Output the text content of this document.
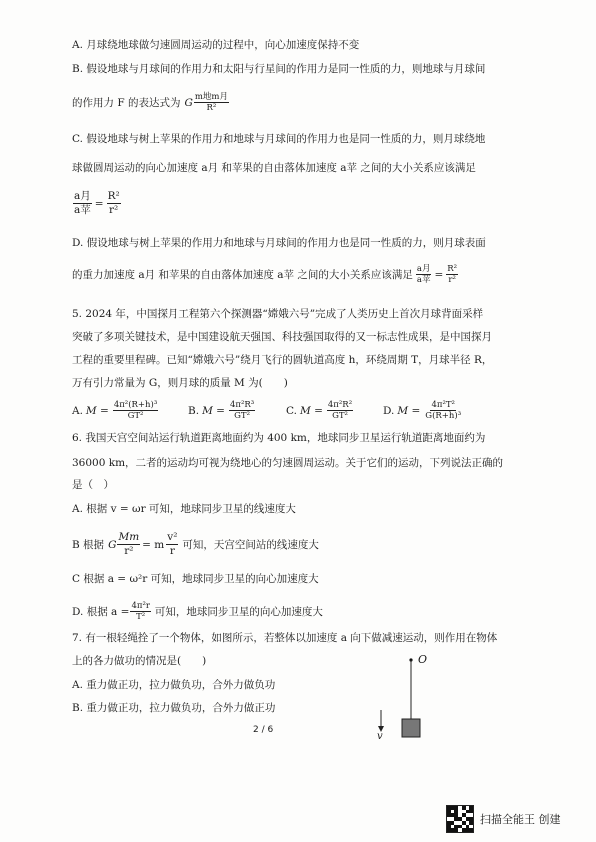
A. 月球绕地球做匀速圆周运动的过程中，向心加速度保持不变
B. 假设地球与月球间的作用力和太阳与行星间的作用力是同一性质的力，则地球与月球间
的作用力 F 的表达式为 G $\frac{\text{m地m月}}{\text{R²}}$
C. 假设地球与树上苹果的作用力和地球与月球间的作用力也是同一性质的力，则月球绕地
球做圆周运动的向心加速度 a月 和苹果的自由落体加速度 a苹 之间的大小关系应该满足
$\frac{\text{a月}}{\text{a苹}} = \frac{\text{R²}}{\text{r²}}$
D. 假设地球与树上苹果的作用力和地球与月球间的作用力也是同一性质的力，则月球表面
的重力加速度 a月 和苹果的自由落体加速度 a苹 之间的大小关系应该满足 $\frac{\text{a月}}{\text{a苹}} = \frac{\text{R²}}{\text{r²}}$
5. 2024 年，中国探月工程第六个探测器“嫦娥六号”完成了人类历史上首次月球背面采样
突破了多项关键技术，是中国建设航天强国、科技强国取得的又一标志性成果，是中国探月
工程的重要里程碑。已知“嫦娥六号”绕月飞行的圆轨道高度 h，环绕周期 T，月球半径 R，
万有引力常量为 G，则月球的质量 M 为(　　)
A. $M = \frac{\text{4π²(R+h)³}}{\text{GT²}}$	B. $M = \frac{\text{4π²R³}}{\text{GT²}}$	C. $M = \frac{\text{4π²R²}}{\text{GT²}}$	D. $M = \frac{\text{4π²T²}}{\text{G(R+h)³}}$
6. 我国天宫空间站运行轨道距离地面约为 400 km，地球同步卫星运行轨道距离地面约为
36000 km，二者的运动均可视为绕地心的匀速圆周运动。关于它们的运动，下列说法正确的
是（　）
A. 根据 v = ωr 可知，地球同步卫星的线速度大
B 根据 G $\frac{Mm}{\text{r²}} = m \frac{\text{v²}}{r}$ 可知，天宫空间站的线速度大
C 根据 a = ω²r 可知，地球同步卫星的向心加速度大
D. 根据 $a = \frac{\text{4π²r}}{\text{T²}}$ 可知，地球同步卫星的向心加速度大
7. 有一根轻绳拴了一个物体，如图所示，若整体以加速度 a 向下做减速运动，则作用在物体
上的各力做功的情况是(　　)
A. 重力做正功，拉力做负功，合外力做负功
B. 重力做正功，拉力做负功，合外力做正功
O
v
2 / 6
扫描全能王 创建
